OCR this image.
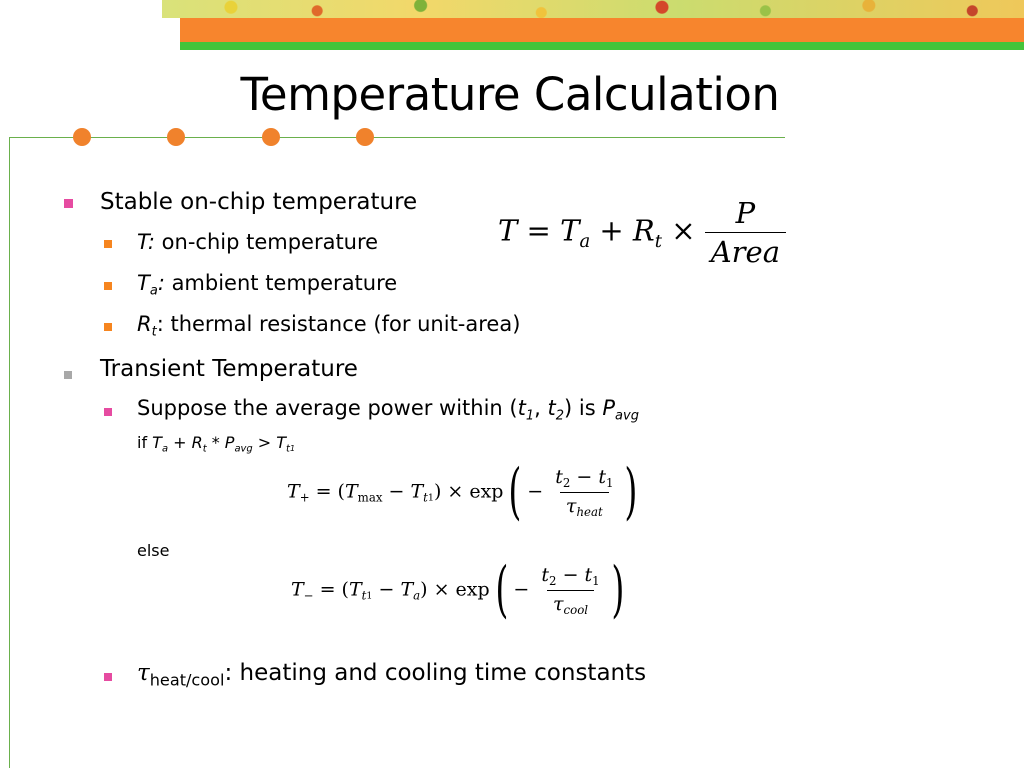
Temperature Calculation
Stable on-chip temperature
T: on-chip temperature
$T_a$: ambient temperature
$R_t$: thermal resistance (for unit-area)
$T = T_a + R_t \times \frac{P}{\text{Area}}$
Transient Temperature
Suppose the average power within ($t_1$, $t_2$) is $P_{avg}$
if $T_a + R_t * P_{avg} > T_{t1}$
$T_+ = (T_{max} - T_{t1}) \times \exp( - \frac{t_2 - t_1}{\tau_{heat}}$ )
else
$T_- = (T_{t1} - T_a) \times \exp( - \frac{t_2 - t_1}{\tau_{cool}}$ )
$\tau_{heat/cool}$: heating and cooling time constants
